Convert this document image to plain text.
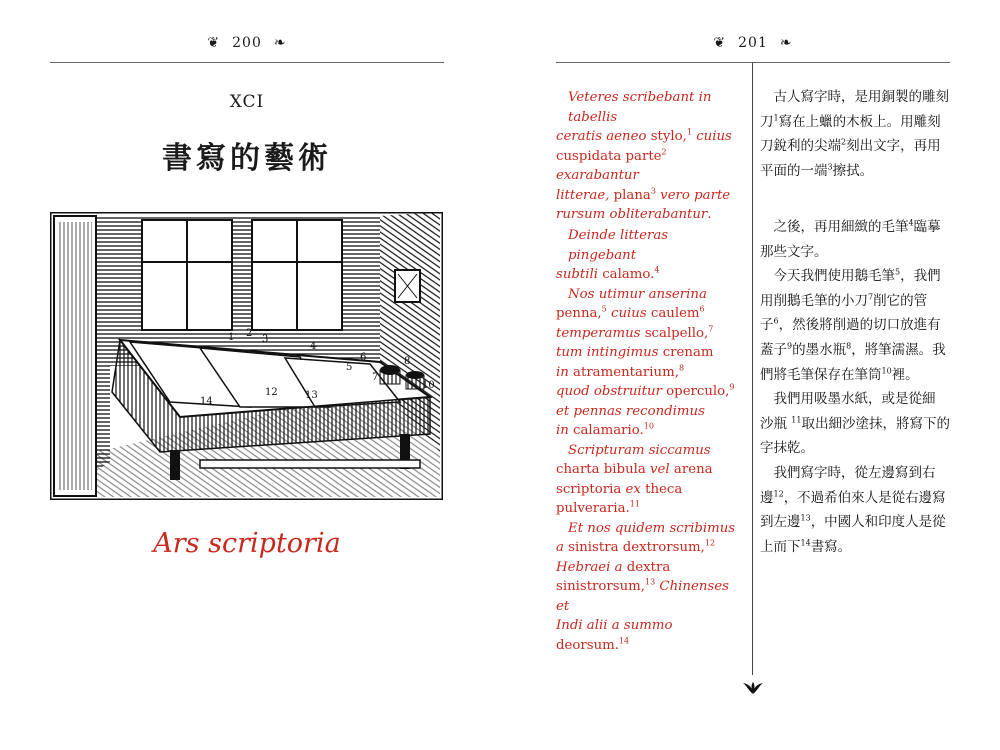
❦ 200 ❧
XCI
書寫的藝術
1 2
3
4
5
6
7
8
10
12	13
14
Ars scriptoria
❦ 201 ❧

Veteres scribebant in tabellis

ceratis aeneo stylo,$^1$ cuius

cuspidata parte$^2$ exarabantur

litterae, plana$^3$ vero parte

rursum obliterabantur.

Deinde litteras pingebant

subtili calamo.$^4$

Nos utimur anserina

penna,$^5$ cuius caulem$^6$

temperamus scalpello,$^7$

tum intingimus crenam

in atramentarium,$^8$

quod obstruitur operculo,$^9$

et pennas recondimus

in calamario.$^{10}$

Scripturam siccamus

charta bibula vel arena

scriptoria ex theca

pulveraria.$^{11}$

Et nos quidem scribimus

a sinistra dextrorsum,$^{12}$

Hebraei a dextra

sinistrorsum,$^{13}$ Chinenses et

Indi alii a summo deorsum.$^{14}$

古人寫字時，是用銅製的雕刻

刀$^1$寫在上蠟的木板上。用雕刻

刀銳利的尖端$^2$刻出文字，再用

平面的一端$^3$擦拭。

之後，再用細緻的毛筆$^4$臨摹

那些文字。

今天我們使用鵝毛筆$^5$，我們

用削鵝毛筆的小刀$^7$削它的管

子$^6$，然後將削過的切口放進有

蓋子$^9$的墨水瓶$^8$，將筆濡濕。我

們將毛筆保存在筆筒$^{10}$裡。

我們用吸墨水紙，或是從細

沙瓶 $^{11}$取出細沙塗抹，將寫下的

字抹乾。

我們寫字時，從左邊寫到右

邊$^{12}$，不過希伯來人是從右邊寫

到左邊$^{13}$，中國人和印度人是從

上而下$^{14}$書寫。
